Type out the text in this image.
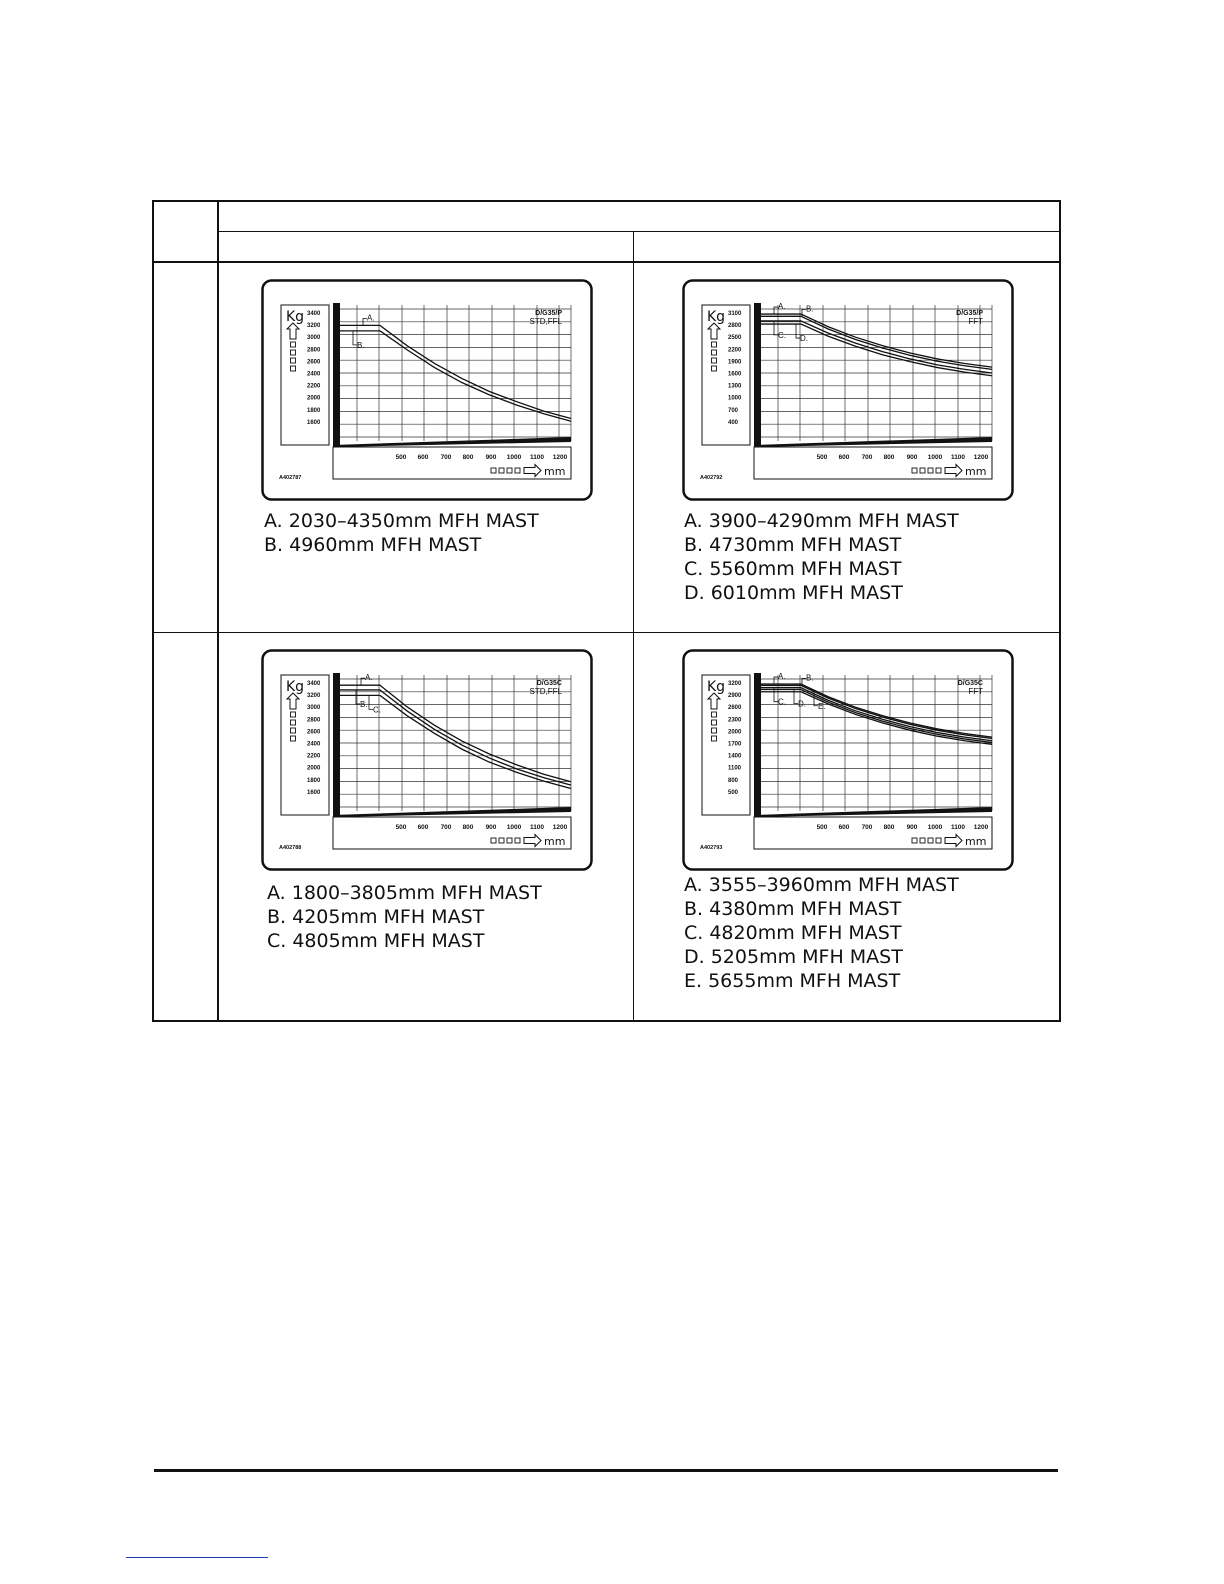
Kg 3400
3200
3000
2800
2600
2400
2200
2000
1800
1600
500 600 700 800 900 1000 1100 1200
mm
D/G35/P
STD,FFL
A402787
A.
B.
A. 2030–4350mm MFH MAST
B. 4960mm MFH MAST
Kg 3100
2800
2500
2200
1900
1600
1300
1000
700
400
500 600 700 800 900 1000 1100 1200
mm
D/G35/P
FFT
A402792
A.	B.
C. D.
A. 3900–4290mm MFH MAST
B. 4730mm MFH MAST
C. 5560mm MFH MAST
D. 6010mm MFH MAST
Kg 3400
3200
3000
2800
2600
2400
2200
2000
1800
1600
500 600 700 800 900 1000 1100 1200
mm
D/G35C
STD,FFL
A402788
A.
B.
C.
A. 1800–3805mm MFH MAST
B. 4205mm MFH MAST
C. 4805mm MFH MAST
Kg 3200
2900
2600
2300
2000
1700
1400
1100
800
500
500 600 700 800 900 1000 1100 1200
mm
D/G35C
FFT
A402793
A.	B.
C. D. E.
A. 3555–3960mm MFH MAST
B. 4380mm MFH MAST
C. 4820mm MFH MAST
D. 5205mm MFH MAST
E. 5655mm MFH MAST
